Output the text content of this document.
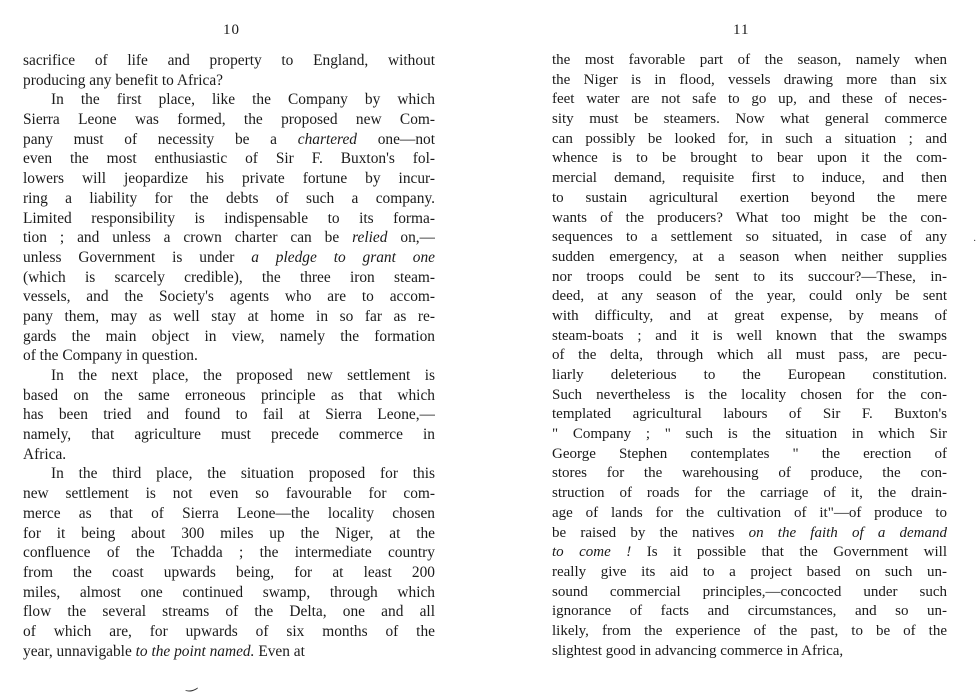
10
sacrifice of life and property to England, without
producing any benefit to Africa?
In the first place, like the Company by which
Sierra Leone was formed, the proposed new Com-
pany must of necessity be a chartered one—not
even the most enthusiastic of Sir F. Buxton's fol-
lowers will jeopardize his private fortune by incur-
ring a liability for the debts of such a company.
Limited responsibility is indispensable to its forma-
tion ; and unless a crown charter can be relied on,—
unless Government is under a pledge to grant one
(which is scarcely credible), the three iron steam-
vessels, and the Society's agents who are to accom-
pany them, may as well stay at home in so far as re-
gards the main object in view, namely the formation
of the Company in question.
In the next place, the proposed new settlement is
based on the same erroneous principle as that which
has been tried and found to fail at Sierra Leone,—
namely, that agriculture must precede commerce in
Africa.
In the third place, the situation proposed for this
new settlement is not even so favourable for com-
merce as that of Sierra Leone—the locality chosen
for it being about 300 miles up the Niger, at the
confluence of the Tchadda ; the intermediate country
from the coast upwards being, for at least 200
miles, almost one continued swamp, through which
flow the several streams of the Delta, one and all
of which are, for upwards of six months of the
year, unnavigable to the point named. Even at
11
the most favorable part of the season, namely when
the Niger is in flood, vessels drawing more than six
feet water are not safe to go up, and these of neces-
sity must be steamers. Now what general commerce
can possibly be looked for, in such a situation ; and
whence is to be brought to bear upon it the com-
mercial demand, requisite first to induce, and then
to sustain agricultural exertion beyond the mere
wants of the producers? What too might be the con-
sequences to a settlement so situated, in case of any
sudden emergency, at a season when neither supplies
nor troops could be sent to its succour?—These, in-
deed, at any season of the year, could only be sent
with difficulty, and at great expense, by means of
steam-boats ; and it is well known that the swamps
of the delta, through which all must pass, are pecu-
liarly deleterious to the European constitution.
Such nevertheless is the locality chosen for the con-
templated agricultural labours of Sir F. Buxton's
" Company ; " such is the situation in which Sir
George Stephen contemplates " the erection of
stores for the warehousing of produce, the con-
struction of roads for the carriage of it, the drain-
age of lands for the cultivation of it"—of produce to
be raised by the natives on the faith of a demand
to come ! Is it possible that the Government will
really give its aid to a project based on such un-
sound commercial principles,—concocted under such
ignorance of facts and circumstances, and so un-
likely, from the experience of the past, to be of the
slightest good in advancing commerce in Africa,
·
‿
